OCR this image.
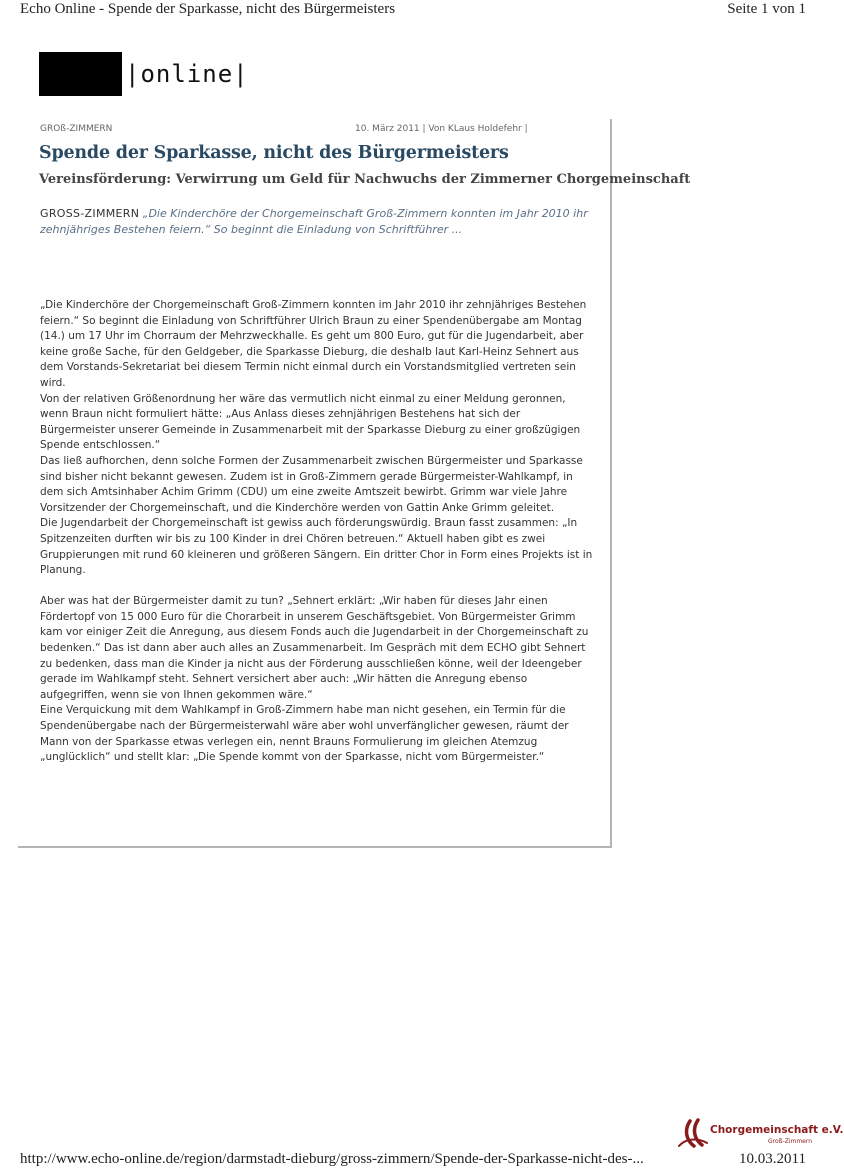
Echo Online - Spende der Sparkasse, nicht des Bürgermeisters	Seite 1 von 1
|online|
GROß-ZIMMERN	10. März 2011 | Von KLaus Holdefehr |
Spende der Sparkasse, nicht des Bürgermeisters
Vereinsförderung: Verwirrung um Geld für Nachwuchs der Zimmerner Chorgemeinschaft

GROSS-ZIMMERN „Die Kinderchöre der Chorgemeinschaft Groß-Zimmern konnten im Jahr 2010 ihr zehnjähriges Bestehen feiern.“ So beginnt die Einladung von Schriftführer ...

„Die Kinderchöre der Chorgemeinschaft Groß-Zimmern konnten im Jahr 2010 ihr zehnjähriges Bestehen feiern.“ So beginnt die Einladung von Schriftführer Ulrich Braun zu einer Spendenübergabe am Montag (14.) um 17 Uhr im Chorraum der Mehrzweckhalle. Es geht um 800 Euro, gut für die Jugendarbeit, aber keine große Sache, für den Geldgeber, die Sparkasse Dieburg, die deshalb laut Karl-Heinz Sehnert aus dem Vorstands-Sekretariat bei diesem Termin nicht einmal durch ein Vorstandsmitglied vertreten sein wird.

Von der relativen Größenordnung her wäre das vermutlich nicht einmal zu einer Meldung geronnen, wenn Braun nicht formuliert hätte: „Aus Anlass dieses zehnjährigen Bestehens hat sich der Bürgermeister unserer Gemeinde in Zusammenarbeit mit der Sparkasse Dieburg zu einer großzügigen Spende entschlossen.“

Das ließ aufhorchen, denn solche Formen der Zusammenarbeit zwischen Bürgermeister und Sparkasse sind bisher nicht bekannt gewesen. Zudem ist in Groß-Zimmern gerade Bürgermeister-Wahlkampf, in dem sich Amtsinhaber Achim Grimm (CDU) um eine zweite Amtszeit bewirbt. Grimm war viele Jahre Vorsitzender der Chorgemeinschaft, und die Kinderchöre werden von Gattin Anke Grimm geleitet.

Die Jugendarbeit der Chorgemeinschaft ist gewiss auch förderungswürdig. Braun fasst zusammen: „In Spitzenzeiten durften wir bis zu 100 Kinder in drei Chören betreuen.“ Aktuell haben gibt es zwei Gruppierungen mit rund 60 kleineren und größeren Sängern. Ein dritter Chor in Form eines Projekts ist in Planung.

Aber was hat der Bürgermeister damit zu tun? „Sehnert erklärt: „Wir haben für dieses Jahr einen Fördertopf von 15 000 Euro für die Chorarbeit in unserem Geschäftsgebiet. Von Bürgermeister Grimm kam vor einiger Zeit die Anregung, aus diesem Fonds auch die Jugendarbeit in der Chorgemeinschaft zu bedenken.“ Das ist dann aber auch alles an Zusammenarbeit. Im Gespräch mit dem ECHO gibt Sehnert zu bedenken, dass man die Kinder ja nicht aus der Förderung ausschließen könne, weil der Ideengeber gerade im Wahlkampf steht. Sehnert versichert aber auch: „Wir hätten die Anregung ebenso aufgegriffen, wenn sie von Ihnen gekommen wäre.“

Eine Verquickung mit dem Wahlkampf in Groß-Zimmern habe man nicht gesehen, ein Termin für die Spendenübergabe nach der Bürgermeisterwahl wäre aber wohl unverfänglicher gewesen, räumt der Mann von der Sparkasse etwas verlegen ein, nennt Brauns Formulierung im gleichen Atemzug „unglücklich“ und stellt klar: „Die Spende kommt von der Sparkasse, nicht vom Bürgermeister.“

Chorgemeinschaft e.V.
Groß-Zimmern
http://www.echo-online.de/region/darmstadt-dieburg/gross-zimmern/Spende-der-Sparkasse-nicht-des-...	10.03.2011
